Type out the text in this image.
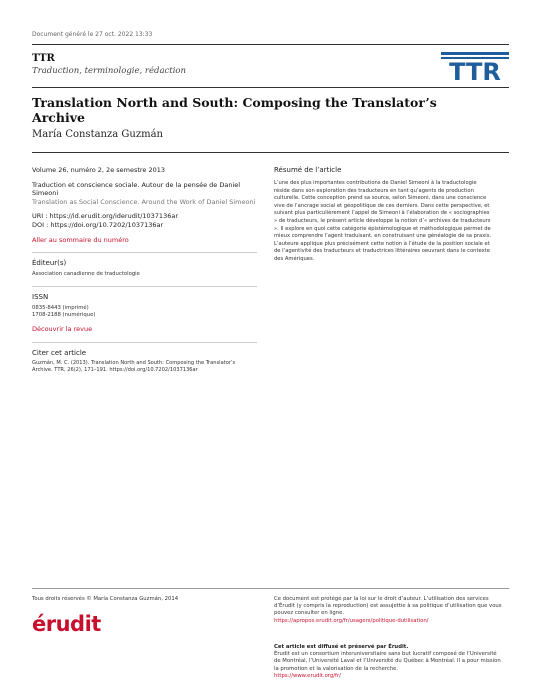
Document généré le 27 oct. 2022 13:33
TTR
Traduction, terminologie, rédaction	TTR
Translation North and South: Composing the Translator’s Archive
María Constanza Guzmán
Volume 26, numéro 2, 2e semestre 2013
Traduction et conscience sociale. Autour de la pensée de Daniel Simeoni
Translation as Social Conscience. Around the Work of Daniel Simeoni
URI : https://id.erudit.org/iderudit/1037136ar
DOI : https://doi.org/10.7202/1037136ar
Aller au sommaire du numéro
Éditeur(s)
Association canadienne de traductologie
ISSN
0835-8443 (imprimé)
1708-2188 (numérique)
Découvrir la revue
Citer cet article
Guzmán, M. C. (2013). Translation North and South: Composing the Translator’s
Archive. TTR, 26(2), 171–191. https://doi.org/10.7202/1037136ar
Résumé de l’article
L’une des plus importantes contributions de Daniel Simeoni à la traductologie réside dans son exploration des traducteurs en tant qu’agents de production culturelle. Cette conception prend sa source, selon Simeoni, dans une conscience vive de l’ancrage social et géopolitique de ces derniers. Dans cette perspective, et suivant plus particulièrement l’appel de Simeoni à l’élaboration de « sociographies » de traducteurs, le présent article développe la notion d’« archives de traducteurs ». Il explore en quoi cette catégorie épistémologique et méthodologique permet de mieux comprendre l’agent traduisant, en construisant une généalogie de sa praxis. L’auteure applique plus précisément cette notion à l’étude de la position sociale et de l’agentivité des traducteurs et traductrices littéraires oeuvrant dans le contexte des Amériques.
Tous droits réservés © María Constanza Guzmán, 2014	Ce document est protégé par la loi sur le droit d’auteur. L’utilisation des services d’Érudit (y compris la reproduction) est assujettie à sa politique d’utilisation que vous pouvez consulter en ligne.
https://apropos.erudit.org/fr/usagers/politique-dutilisation/
érudit
Cet article est diffusé et préservé par Érudit.
Érudit est un consortium interuniversitaire sans but lucratif composé de l’Université de Montréal, l’Université Laval et l’Université du Québec à Montréal. Il a pour mission la promotion et la valorisation de la recherche.
https://www.erudit.org/fr/
